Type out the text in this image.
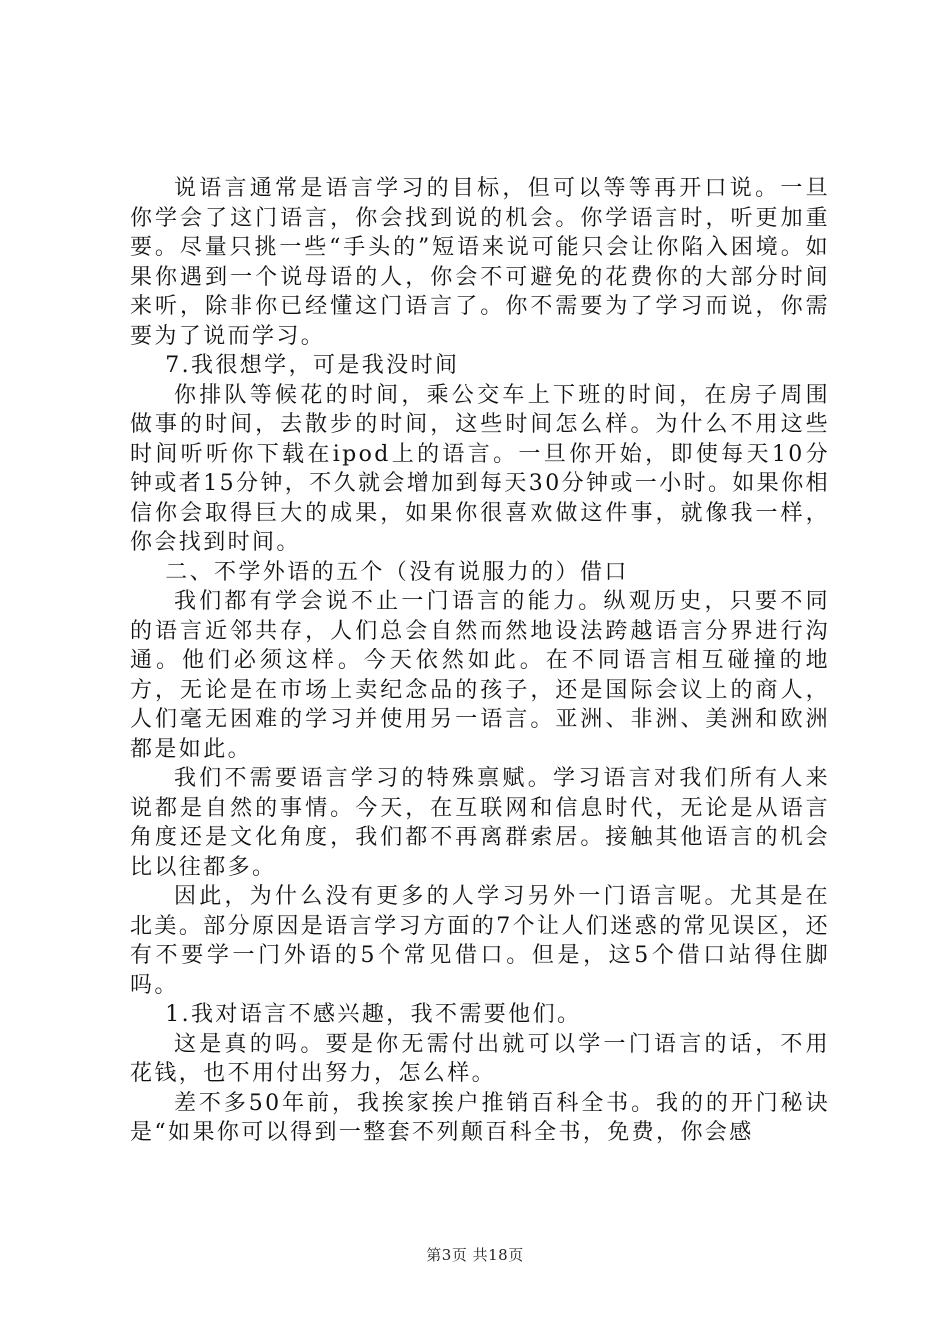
说语言通常是语言学习的目标，但可以等等再开口说。一旦你学会了这门语言，你会找到说的机会。你学语言时，听更加重要。尽量只挑一些“手头的”短语来说可能只会让你陷入困境。如果你遇到一个说母语的人，你会不可避免的花费你的大部分时间来听，除非你已经懂这门语言了。你不需要为了学习而说，你需要为了说而学习。

7.我很想学，可是我没时间

你排队等候花的时间，乘公交车上下班的时间，在房子周围做事的时间，去散步的时间，这些时间怎么样。为什么不用这些时间听听你下载在ipod上的语言。一旦你开始，即使每天10分钟或者15分钟，不久就会增加到每天30分钟或一小时。如果你相信你会取得巨大的成果，如果你很喜欢做这件事，就像我一样，你会找到时间。

二、不学外语的五个（没有说服力的）借口

我们都有学会说不止一门语言的能力。纵观历史，只要不同的语言近邻共存，人们总会自然而然地设法跨越语言分界进行沟通。他们必须这样。今天依然如此。在不同语言相互碰撞的地方，无论是在市场上卖纪念品的孩子，还是国际会议上的商人，人们毫无困难的学习并使用另一语言。亚洲、非洲、美洲和欧洲都是如此。

我们不需要语言学习的特殊禀赋。学习语言对我们所有人来说都是自然的事情。今天，在互联网和信息时代，无论是从语言角度还是文化角度，我们都不再离群索居。接触其他语言的机会比以往都多。

因此，为什么没有更多的人学习另外一门语言呢。尤其是在北美。部分原因是语言学习方面的7个让人们迷惑的常见误区，还有不要学一门外语的5个常见借口。但是，这5个借口站得住脚吗。

1.我对语言不感兴趣，我不需要他们。

这是真的吗。要是你无需付出就可以学一门语言的话，不用花钱，也不用付出努力，怎么样。

差不多50年前，我挨家挨户推销百科全书。我的的开门秘诀是“如果你可以得到一整套不列颠百科全书，免费，你会感

第3页 共18页
